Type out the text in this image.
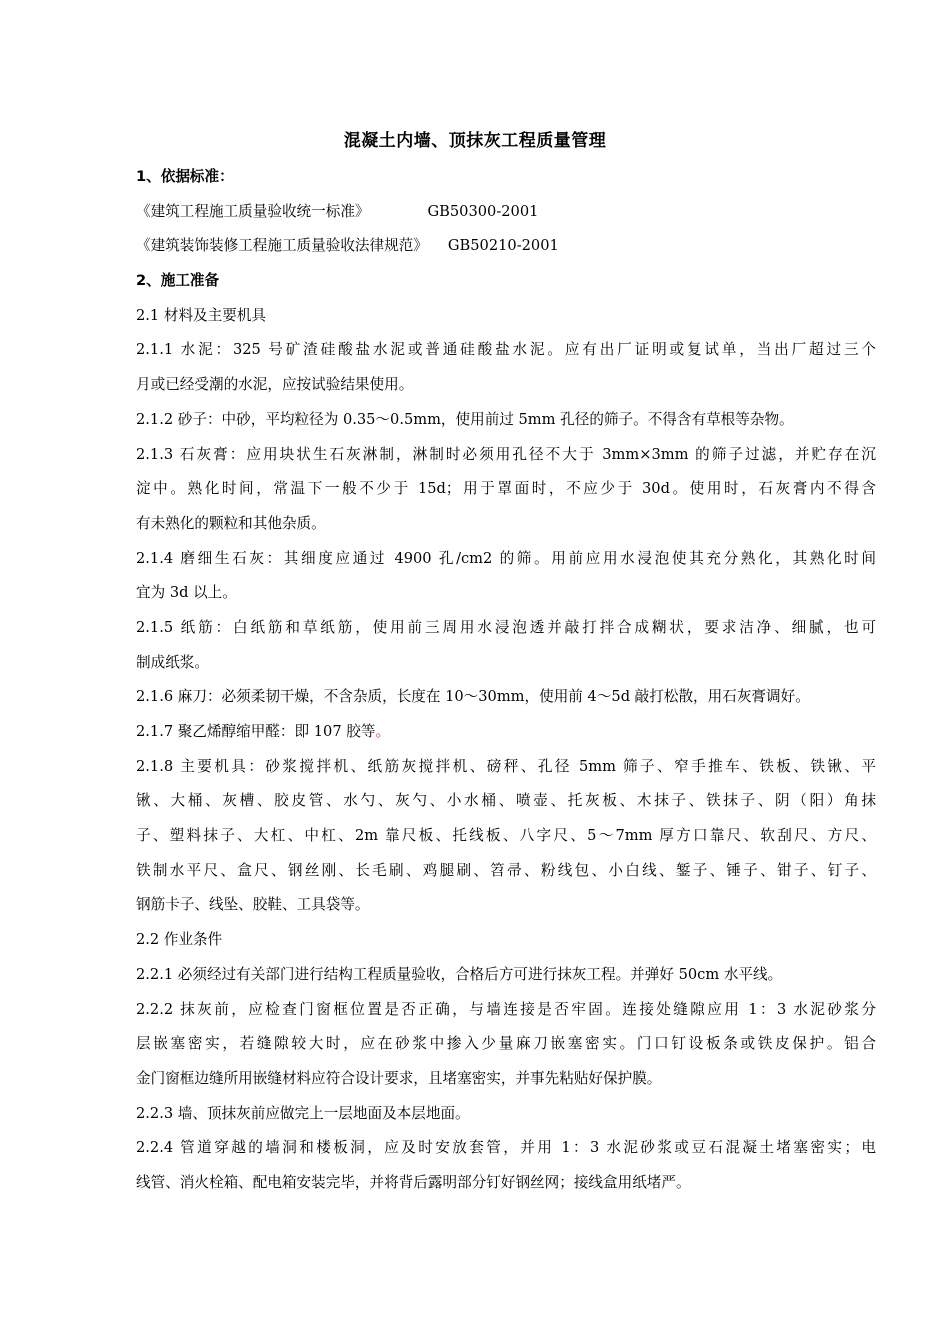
混凝土内墙、顶抹灰工程质量管理

1、依据标准：

《建筑工程施工质量验收统一标准》	GB50300-2001

《建筑装饰装修工程施工质量验收法律规范》 GB50210-2001

2、施工准备

2.1 材料及主要机具

2.1.1 水泥：325 号矿渣硅酸盐水泥或普通硅酸盐水泥。应有出厂证明或复试单，当出厂超过三个

月或已经受潮的水泥，应按试验结果使用。

2.1.2 砂子：中砂，平均粒径为 0.35～0.5mm，使用前过 5mm 孔径的筛子。不得含有草根等杂物。

2.1.3 石灰膏：应用块状生石灰淋制，淋制时必须用孔径不大于 3mm×3mm 的筛子过滤，并贮存在沉

淀中。熟化时间，常温下一般不少于 15d；用于罩面时，不应少于 30d。使用时，石灰膏内不得含

有未熟化的颗粒和其他杂质。

2.1.4 磨细生石灰：其细度应通过 4900 孔/cm2 的筛。用前应用水浸泡使其充分熟化，其熟化时间

宜为 3d 以上。

2.1.5 纸筋：白纸筋和草纸筋，使用前三周用水浸泡透并敲打拌合成糊状，要求洁净、细腻，也可

制成纸浆。

2.1.6 麻刀：必须柔韧干燥，不含杂质，长度在 10～30mm，使用前 4～5d 敲打松散，用石灰膏调好。

2.1.7 聚乙烯醇缩甲醛：即 107 胶等。

2.1.8 主要机具：砂浆搅拌机、纸筋灰搅拌机、磅秤、孔径 5mm 筛子、窄手推车、铁板、铁锹、平

锹、大桶、灰槽、胶皮管、水勺、灰勺、小水桶、喷壶、托灰板、木抹子、铁抹子、阴（阳）角抹

子、塑料抹子、大杠、中杠、2m 靠尺板、托线板、八字尺、5～7mm 厚方口靠尺、软刮尺、方尺、

铁制水平尺、盒尺、钢丝刚、长毛刷、鸡腿刷、笤帚、粉线包、小白线、錾子、锤子、钳子、钉子、

钢筋卡子、线坠、胶鞋、工具袋等。

2.2 作业条件

2.2.1 必须经过有关部门进行结构工程质量验收，合格后方可进行抹灰工程。并弹好 50cm 水平线。

2.2.2 抹灰前，应检查门窗框位置是否正确，与墙连接是否牢固。连接处缝隙应用 1：3 水泥砂浆分

层嵌塞密实，若缝隙较大时，应在砂浆中掺入少量麻刀嵌塞密实。门口钉设板条或铁皮保护。铝合

金门窗框边缝所用嵌缝材料应符合设计要求，且堵塞密实，并事先粘贴好保护膜。

2.2.3 墙、顶抹灰前应做完上一层地面及本层地面。

2.2.4 管道穿越的墙洞和楼板洞，应及时安放套管，并用 1：3 水泥砂浆或豆石混凝土堵塞密实；电

线管、消火栓箱、配电箱安装完毕，并将背后露明部分钉好钢丝网；接线盒用纸堵严。
